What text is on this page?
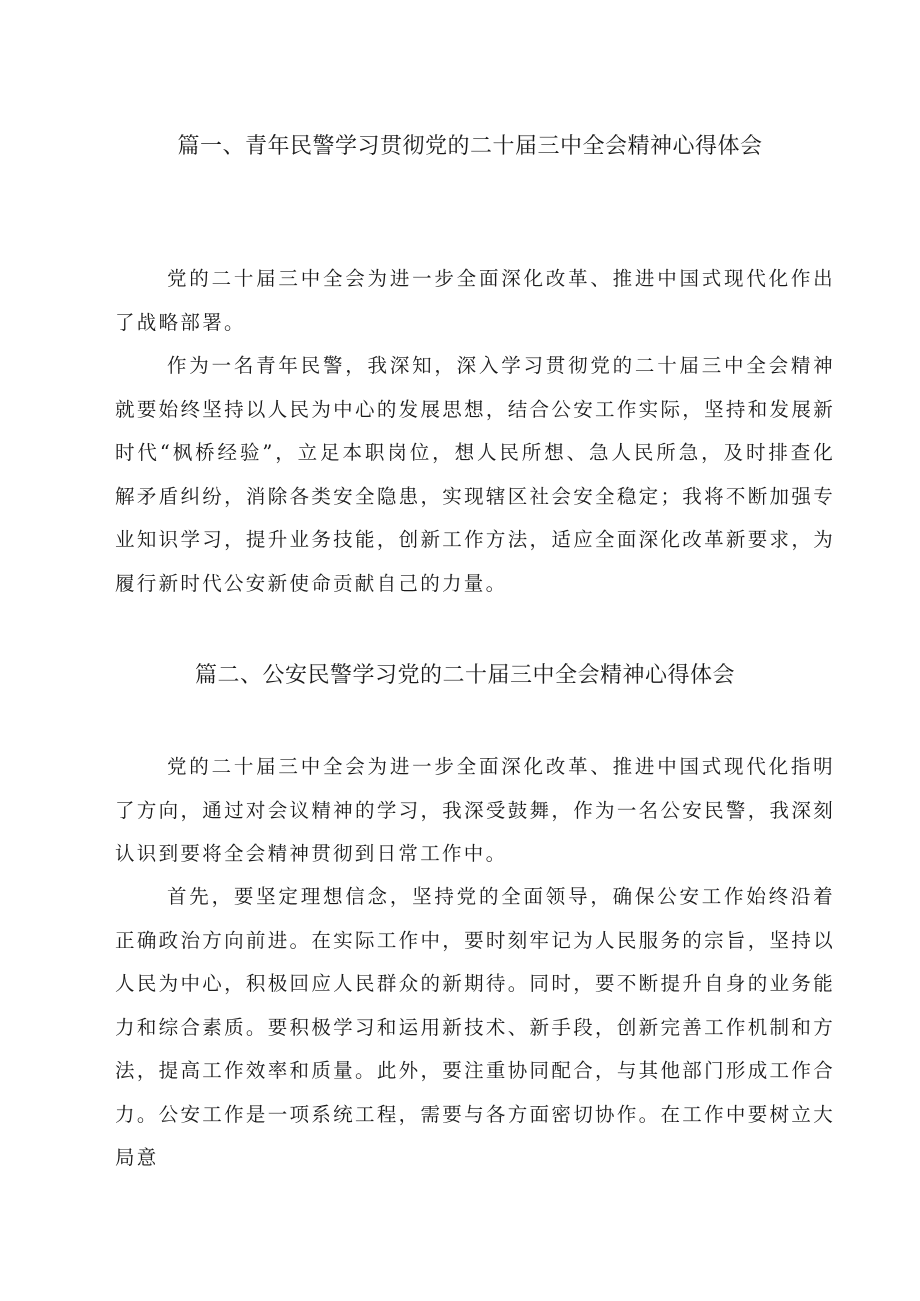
篇一、青年民警学习贯彻党的二十届三中全会精神心得体会

党的二十届三中全会为进一步全面深化改革、推进中国式现代化作出了战略部署。

作为一名青年民警，我深知，深入学习贯彻党的二十届三中全会精神就要始终坚持以人民为中心的发展思想，结合公安工作实际，坚持和发展新时代“枫桥经验”，立足本职岗位，想人民所想、急人民所急，及时排查化解矛盾纠纷，消除各类安全隐患，实现辖区社会安全稳定；我将不断加强专业知识学习，提升业务技能，创新工作方法，适应全面深化改革新要求，为履行新时代公安新使命贡献自己的力量。

篇二、公安民警学习党的二十届三中全会精神心得体会

党的二十届三中全会为进一步全面深化改革、推进中国式现代化指明了方向，通过对会议精神的学习，我深受鼓舞，作为一名公安民警，我深刻认识到要将全会精神贯彻到日常工作中。

首先，要坚定理想信念，坚持党的全面领导，确保公安工作始终沿着正确政治方向前进。在实际工作中，要时刻牢记为人民服务的宗旨，坚持以人民为中心，积极回应人民群众的新期待。同时，要不断提升自身的业务能力和综合素质。要积极学习和运用新技术、新手段，创新完善工作机制和方法，提高工作效率和质量。此外，要注重协同配合，与其他部门形成工作合力。公安工作是一项系统工程，需要与各方面密切协作。在工作中要树立大局意
